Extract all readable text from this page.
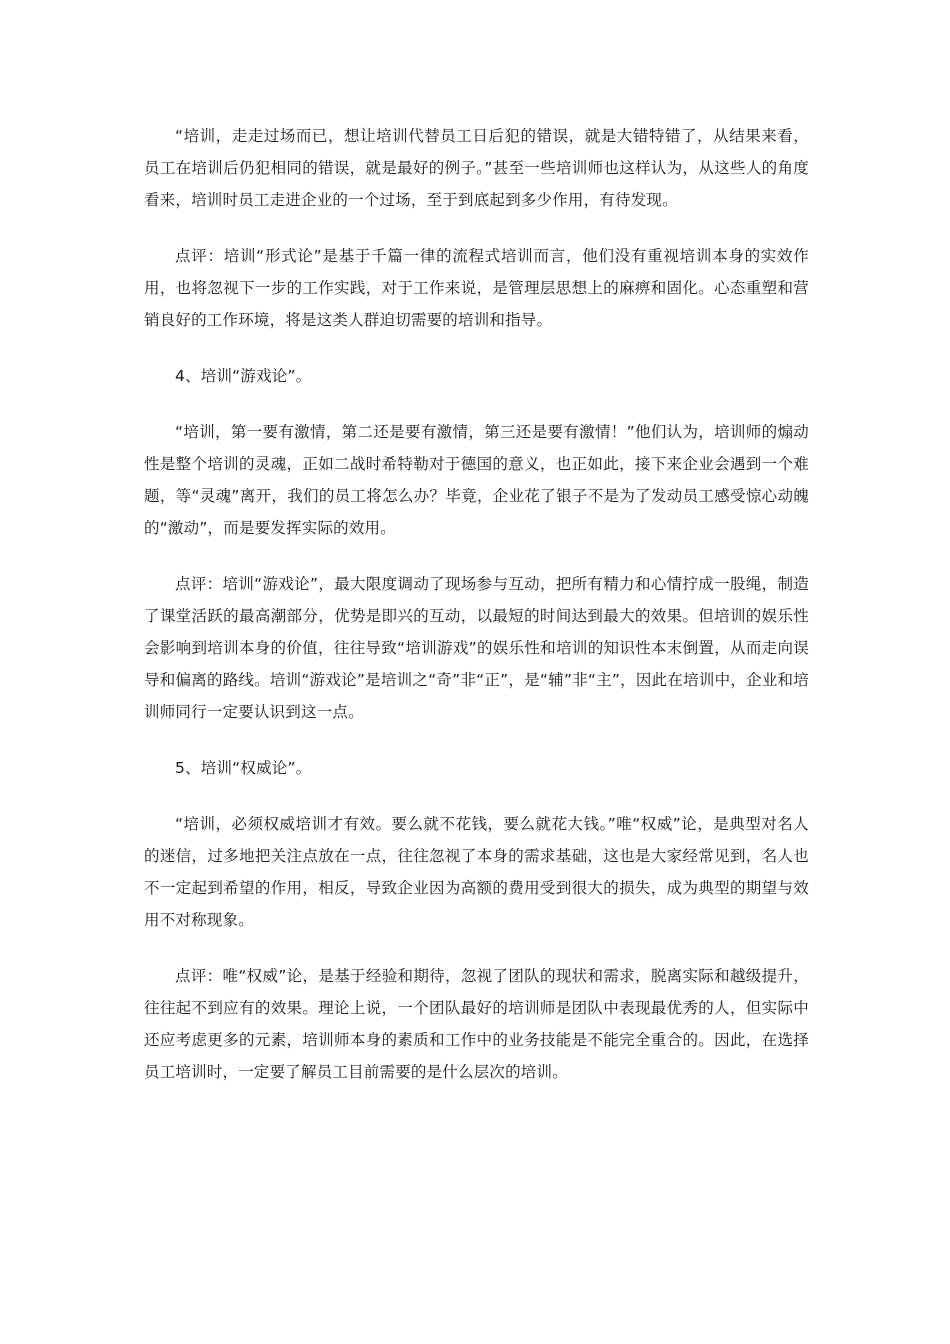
“培训，走走过场而已，想让培训代替员工日后犯的错误，就是大错特错了，从结果来看，员工在培训后仍犯相同的错误，就是最好的例子。”甚至一些培训师也这样认为，从这些人的角度看来，培训时员工走进企业的一个过场，至于到底起到多少作用，有待发现。

点评：培训“形式论”是基于千篇一律的流程式培训而言，他们没有重视培训本身的实效作用，也将忽视下一步的工作实践，对于工作来说，是管理层思想上的麻痹和固化。心态重塑和营销良好的工作环境，将是这类人群迫切需要的培训和指导。

4、培训“游戏论”。

“培训，第一要有激情，第二还是要有激情，第三还是要有激情！”他们认为，培训师的煽动性是整个培训的灵魂，正如二战时希特勒对于德国的意义，也正如此，接下来企业会遇到一个难题，等“灵魂”离开，我们的员工将怎么办？毕竟，企业花了银子不是为了发动员工感受惊心动魄的“激动”，而是要发挥实际的效用。

点评：培训“游戏论”，最大限度调动了现场参与互动，把所有精力和心情拧成一股绳，制造了课堂活跃的最高潮部分，优势是即兴的互动，以最短的时间达到最大的效果。但培训的娱乐性会影响到培训本身的价值，往往导致“培训游戏”的娱乐性和培训的知识性本末倒置，从而走向误导和偏离的路线。培训“游戏论”是培训之“奇”非“正”，是“辅”非“主”，因此在培训中，企业和培训师同行一定要认识到这一点。

5、培训“权威论”。

“培训，必须权威培训才有效。要么就不花钱，要么就花大钱。”唯“权威”论，是典型对名人的迷信，过多地把关注点放在一点，往往忽视了本身的需求基础，这也是大家经常见到，名人也不一定起到希望的作用，相反，导致企业因为高额的费用受到很大的损失，成为典型的期望与效用不对称现象。

点评：唯“权威”论，是基于经验和期待，忽视了团队的现状和需求，脱离实际和越级提升，往往起不到应有的效果。理论上说，一个团队最好的培训师是团队中表现最优秀的人，但实际中还应考虑更多的元素，培训师本身的素质和工作中的业务技能是不能完全重合的。因此，在选择员工培训时，一定要了解员工目前需要的是什么层次的培训。
